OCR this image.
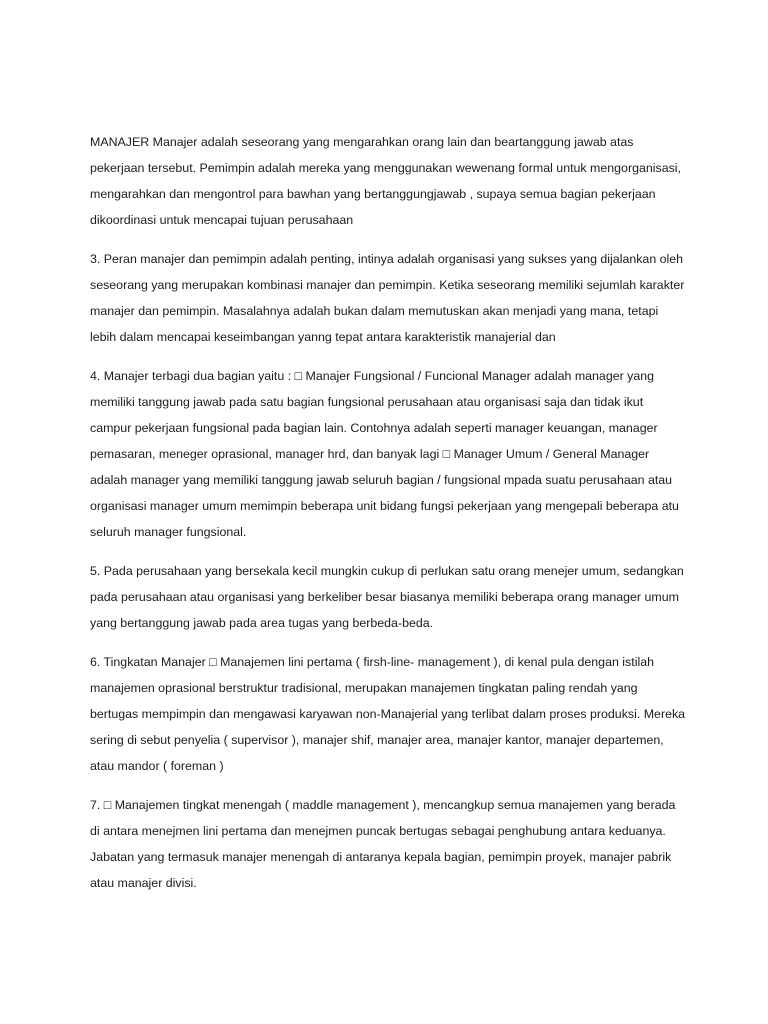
MANAJER Manajer adalah seseorang yang mengarahkan orang lain dan beartanggung jawab atas pekerjaan tersebut. Pemimpin adalah mereka yang menggunakan wewenang formal untuk mengorganisasi, mengarahkan dan mengontrol para bawhan yang bertanggungjawab , supaya semua bagian pekerjaan dikoordinasi untuk mencapai tujuan perusahaan

3. Peran manajer dan pemimpin adalah penting, intinya adalah organisasi yang sukses yang dijalankan oleh seseorang yang merupakan kombinasi manajer dan pemimpin. Ketika seseorang memiliki sejumlah karakter manajer dan pemimpin. Masalahnya adalah bukan dalam memutuskan akan menjadi yang mana, tetapi lebih dalam mencapai keseimbangan yanng tepat antara karakteristik manajerial dan

4. Manajer terbagi dua bagian yaitu : □ Manajer Fungsional / Funcional Manager adalah manager yang memiliki tanggung jawab pada satu bagian fungsional perusahaan atau organisasi saja dan tidak ikut campur pekerjaan fungsional pada bagian lain. Contohnya adalah seperti manager keuangan, manager pemasaran, meneger oprasional, manager hrd, dan banyak lagi □ Manager Umum / General Manager adalah manager yang memiliki tanggung jawab seluruh bagian / fungsional mpada suatu perusahaan atau organisasi manager umum memimpin beberapa unit bidang fungsi pekerjaan yang mengepali beberapa atu seluruh manager fungsional.

5. Pada perusahaan yang bersekala kecil mungkin cukup di perlukan satu orang menejer umum, sedangkan pada perusahaan atau organisasi yang berkeliber besar biasanya memiliki beberapa orang manager umum yang bertanggung jawab pada area tugas yang berbeda-beda.

6. Tingkatan Manajer □ Manajemen lini pertama ( firsh-line- management ), di kenal pula dengan istilah manajemen oprasional berstruktur tradisional, merupakan manajemen tingkatan paling rendah yang bertugas mempimpin dan mengawasi karyawan non-Manajerial yang terlibat dalam proses produksi. Mereka sering di sebut penyelia ( supervisor ), manajer shif, manajer area, manajer kantor, manajer departemen, atau mandor ( foreman )

7. □ Manajemen tingkat menengah ( maddle management ), mencangkup semua manajemen yang berada di antara menejmen lini pertama dan menejmen puncak bertugas sebagai penghubung antara keduanya. Jabatan yang termasuk manajer menengah di antaranya kepala bagian, pemimpin proyek, manajer pabrik atau manajer divisi.
